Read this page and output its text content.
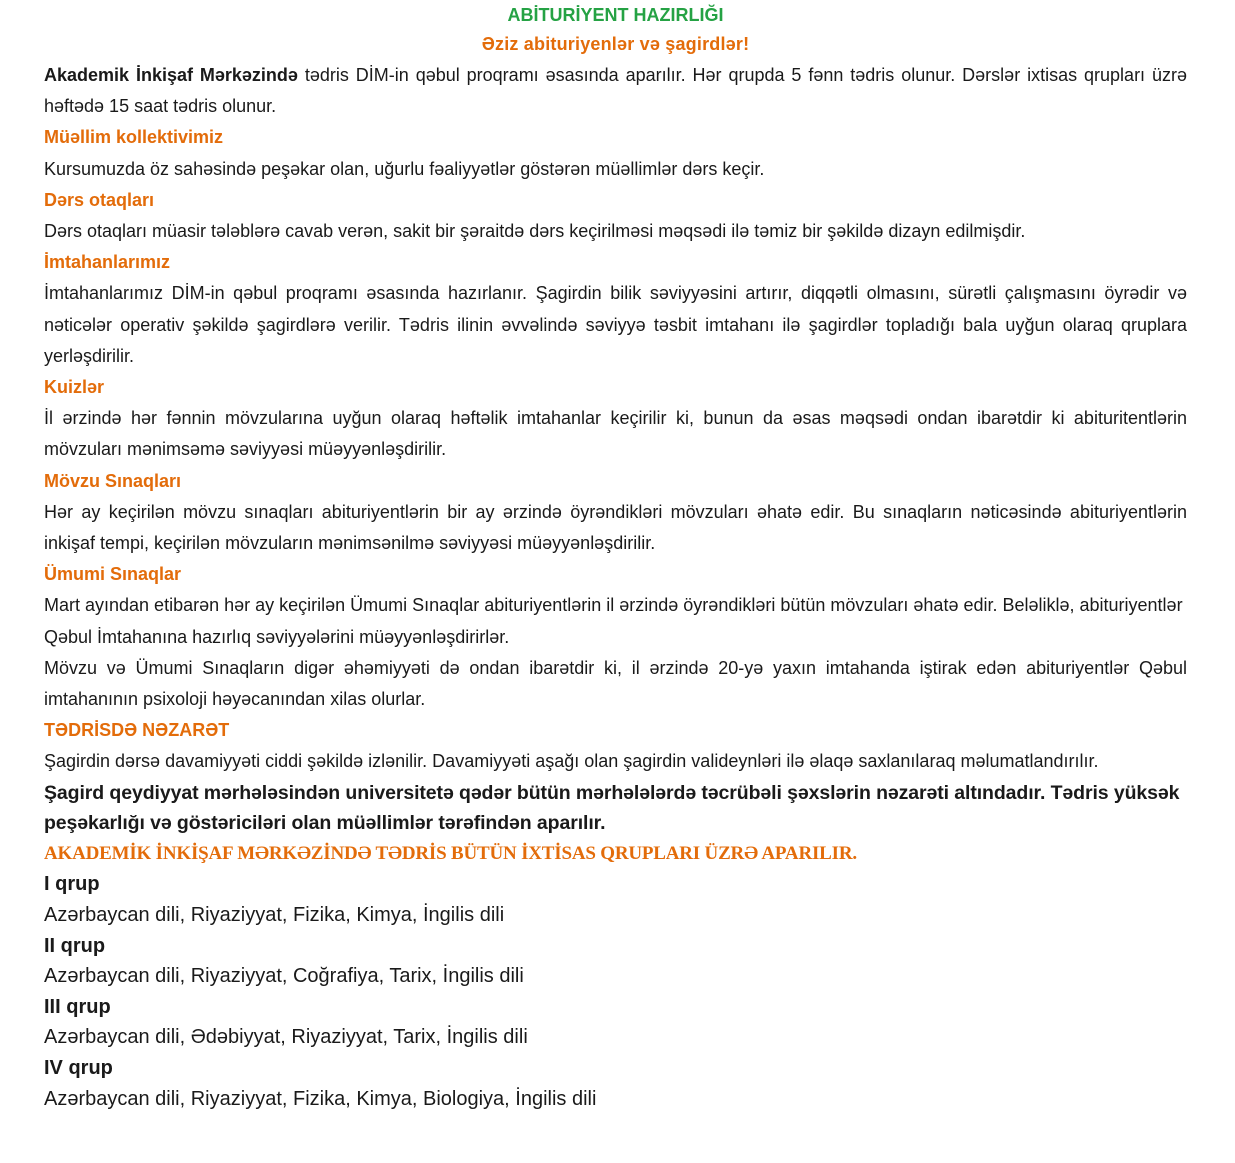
ABİTURİYENT HAZIRLIĞI

Əziz abituriyenlər və şagirdlər!

Akademik İnkişaf Mərkəzində tədris DİM-in qəbul proqramı əsasında aparılır. Hər qrupda 5 fənn tədris olunur. Dərslər ixtisas qrupları üzrə həftədə 15 saat tədris olunur.

Müəllim kollektivimiz

Kursumuzda öz sahəsində peşəkar olan, uğurlu fəaliyyətlər göstərən müəllimlər dərs keçir.

Dərs otaqları

Dərs otaqları müasir tələblərə cavab verən, sakit bir şəraitdə dərs keçirilməsi məqsədi ilə təmiz bir şəkildə dizayn edilmişdir.

İmtahanlarımız

İmtahanlarımız DİM-in qəbul proqramı əsasında hazırlanır. Şagirdin bilik səviyyəsini artırır, diqqətli olmasını, sürətli çalışmasını öyrədir və nəticələr operativ şəkildə şagirdlərə verilir. Tədris ilinin əvvəlində səviyyə təsbit imtahanı ilə şagirdlər topladığı bala uyğun olaraq qruplara yerləşdirilir.

Kuizlər

İl ərzində hər fənnin mövzularına uyğun olaraq həftəlik imtahanlar keçirilir ki, bunun da əsas məqsədi ondan ibarətdir ki abituritentlərin mövzuları mənimsəmə səviyyəsi müəyyənləşdirilir.

Mövzu Sınaqları

Hər ay keçirilən mövzu sınaqları abituriyentlərin bir ay ərzində öyrəndikləri mövzuları əhatə edir. Bu sınaqların nəticəsində abituriyentlərin inkişaf tempi, keçirilən mövzuların mənimsənilmə səviyyəsi müəyyənləşdirilir.

Ümumi Sınaqlar

Mart ayından etibarən hər ay keçirilən Ümumi Sınaqlar abituriyentlərin il ərzində öyrəndikləri bütün mövzuları əhatə edir. Beləliklə, abituriyentlər Qəbul İmtahanına hazırlıq səviyyələrini müəyyənləşdirirlər.

Mövzu və Ümumi Sınaqların digər əhəmiyyəti də ondan ibarətdir ki, il ərzində 20-yə yaxın imtahanda iştirak edən abituriyentlər Qəbul imtahanının psixoloji həyəcanından xilas olurlar.

TƏDRİSDƏ NƏZARƏT

Şagirdin dərsə davamiyyəti ciddi şəkildə izlənilir. Davamiyyəti aşağı olan şagirdin valideynləri ilə əlaqə saxlanılaraq məlumatlandırılır.

Şagird qeydiyyat mərhələsindən universitetə qədər bütün mərhələlərdə təcrübəli şəxslərin nəzarəti altındadır. Tədris yüksək peşəkarlığı və göstəriciləri olan müəllimlər tərəfindən aparılır.

AKADEMİK İNKİŞAF MƏRKƏZİNDƏ TƏDRİS BÜTÜN İXTİSAS QRUPLARI ÜZRƏ APARILIR.

I qrup

Azərbaycan dili, Riyaziyyat, Fizika, Kimya, İngilis dili

II qrup

Azərbaycan dili, Riyaziyyat, Coğrafiya, Tarix, İngilis dili

III qrup

Azərbaycan dili, Ədəbiyyat, Riyaziyyat, Tarix, İngilis dili

IV qrup

Azərbaycan dili, Riyaziyyat, Fizika, Kimya, Biologiya, İngilis dili
